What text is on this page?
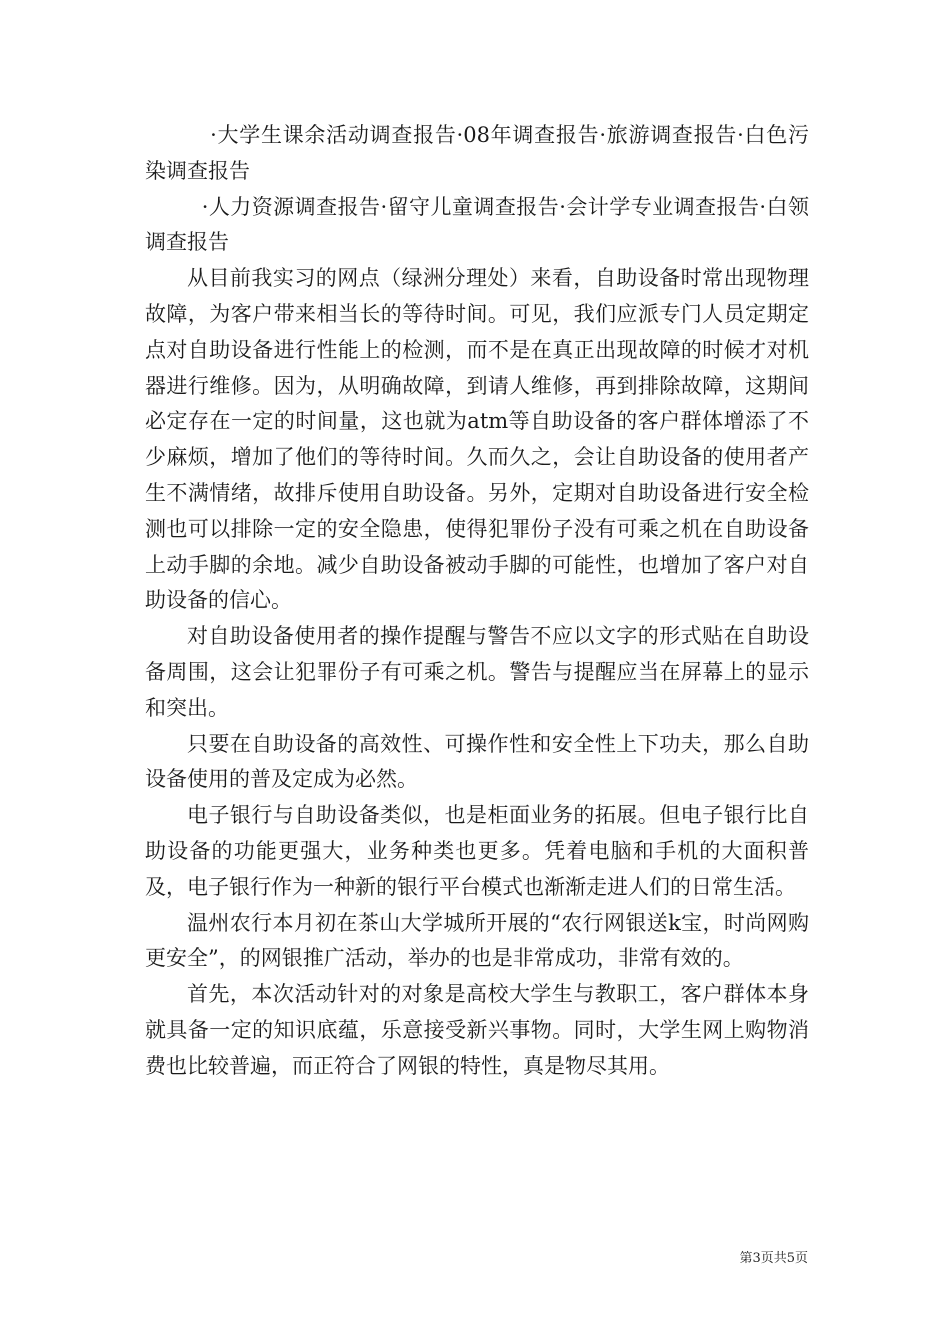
·大学生课余活动调查报告·08年调查报告·旅游调查报告·白色污染调查报告

·人力资源调查报告·留守儿童调查报告·会计学专业调查报告·白领调查报告

从目前我实习的网点（绿洲分理处）来看，自助设备时常出现物理故障，为客户带来相当长的等待时间。可见，我们应派专门人员定期定点对自助设备进行性能上的检测，而不是在真正出现故障的时候才对机器进行维修。因为，从明确故障，到请人维修，再到排除故障，这期间必定存在一定的时间量，这也就为atm等自助设备的客户群体增添了不少麻烦，增加了他们的等待时间。久而久之，会让自助设备的使用者产生不满情绪，故排斥使用自助设备。另外，定期对自助设备进行安全检测也可以排除一定的安全隐患，使得犯罪份子没有可乘之机在自助设备上动手脚的余地。减少自助设备被动手脚的可能性，也增加了客户对自助设备的信心。

对自助设备使用者的操作提醒与警告不应以文字的形式贴在自助设备周围，这会让犯罪份子有可乘之机。警告与提醒应当在屏幕上的显示和突出。

只要在自助设备的高效性、可操作性和安全性上下功夫，那么自助设备使用的普及定成为必然。

电子银行与自助设备类似，也是柜面业务的拓展。但电子银行比自助设备的功能更强大，业务种类也更多。凭着电脑和手机的大面积普及，电子银行作为一种新的银行平台模式也渐渐走进人们的日常生活。

温州农行本月初在茶山大学城所开展的“农行网银送k宝，时尚网购更安全”，的网银推广活动，举办的也是非常成功，非常有效的。

首先，本次活动针对的对象是高校大学生与教职工，客户群体本身就具备一定的知识底蕴，乐意接受新兴事物。同时，大学生网上购物消费也比较普遍，而正符合了网银的特性，真是物尽其用。

第3页共5页
